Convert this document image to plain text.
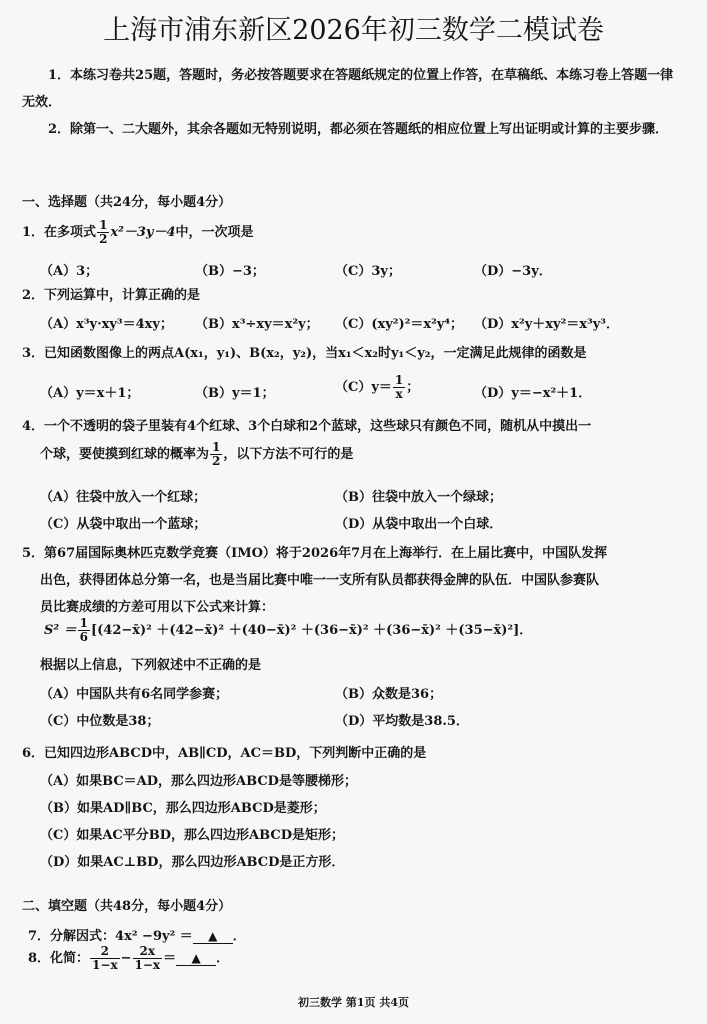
上海市浦东新区2026年初三数学二模试卷
1．本练习卷共25题，答题时，务必按答题要求在答题纸规定的位置上作答，在草稿纸、本练习卷上答题一律无效．
2．除第一、二大题外，其余各题如无特别说明，都必须在答题纸的相应位置上写出证明或计算的主要步骤．
一、选择题（共24分，每小题4分）
1．在多项式 $\frac{1}{2} x^2-3y-4$中，一次项是
（A）3；	（B）−3；	（C）3y；	（D）−3y．
2．下列运算中，计算正确的是
（A）x³y·xy³＝4xy； （B）x³÷xy＝x²y； （C）(xy²)²＝x²y⁴； （D）x²y＋xy²＝x³y³．
3．已知函数图像上的两点A(x₁，y₁)、B(x₂，y₂)，当x₁＜x₂时y₁＜y₂，一定满足此规律的函数是
（A）y＝x＋1；	（B）y＝1；	$(C)y= \frac{1}{x}$ ；	（D）y＝−x²＋1．
4．一个不透明的袋子里装有4个红球、3个白球和2个蓝球，这些球只有颜色不同，随机从中摸出一
个球，要使摸到红球的概率为 $\frac{1}{2}$ ，以下方法不可行的是
（A）往袋中放入一个红球；	（B）往袋中放入一个绿球；
（C）从袋中取出一个蓝球；	（D）从袋中取出一个白球．
5．第67届国际奥林匹克数学竞赛（IMO）将于2026年7月在上海举行．在上届比赛中，中国队发挥
出色，获得团体总分第一名，也是当届比赛中唯一一支所有队员都获得金牌的队伍．中国队参赛队
员比赛成绩的方差可用以下公式来计算：
$S^2 = \frac{1}{6}$ [(42−x̄)² ＋(42−x̄)² ＋(40−x̄)² ＋(36−x̄)² ＋(36−x̄)² ＋(35−x̄)²]．
根据以上信息，下列叙述中不正确的是
（A）中国队共有6名同学参赛；	（B）众数是36；
（C）中位数是38；	（D）平均数是38.5．
6．已知四边形ABCD中，AB∥CD，AC＝BD，下列判断中正确的是
（A）如果BC＝AD，那么四边形ABCD是等腰梯形；
（B）如果AD∥BC，那么四边形ABCD是菱形；
（C）如果AC平分BD，那么四边形ABCD是矩形；
（D）如果AC⊥BD，那么四边形ABCD是正方形．
二、填空题（共48分，每小题4分）
7．分解因式：4x² −9y² ＝ ▲ ．
8．化简： $\frac{2}{1-x} - \frac{2x}{1-x}$ ＝ ▲ ．
初三数学 第1页 共4页
